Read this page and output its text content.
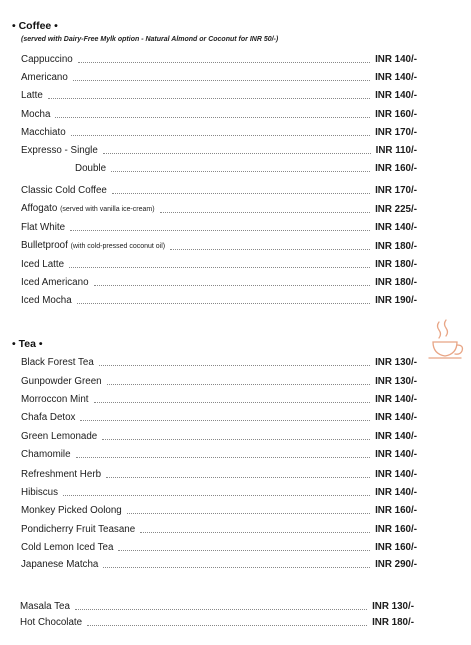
• Coffee •
(served with Dairy-Free Mylk option - Natural Almond or Coconut for INR 50/-)
Cappuccino	INR 140/-
Americano	INR 140/-
Latte	INR 140/-
Mocha	INR 160/-
Macchiato	INR 170/-
Expresso - Single	INR 110/-
Double	INR 160/-
Classic Cold Coffee	INR 170/-
Affogato (served with vanilla ice-cream)	INR 225/-
Flat White	INR 140/-
Bulletproof (with cold-pressed coconut oil)	INR 180/-
Iced Latte	INR 180/-
Iced Americano	INR 180/-
Iced Mocha	INR 190/-
• Tea •
Black Forest Tea	INR 130/-
Gunpowder Green	INR 130/-
Morroccon Mint	INR 140/-
Chafa Detox	INR 140/-
Green Lemonade	INR 140/-
Chamomile	INR 140/-
Refreshment Herb	INR 140/-
Hibiscus	INR 140/-
Monkey Picked Oolong	INR 160/-
Pondicherry Fruit Teasane	INR 160/-
Cold Lemon Iced Tea	INR 160/-
Japanese Matcha	INR 290/-
Masala Tea	INR 130/-
Hot Chocolate	INR 180/-
